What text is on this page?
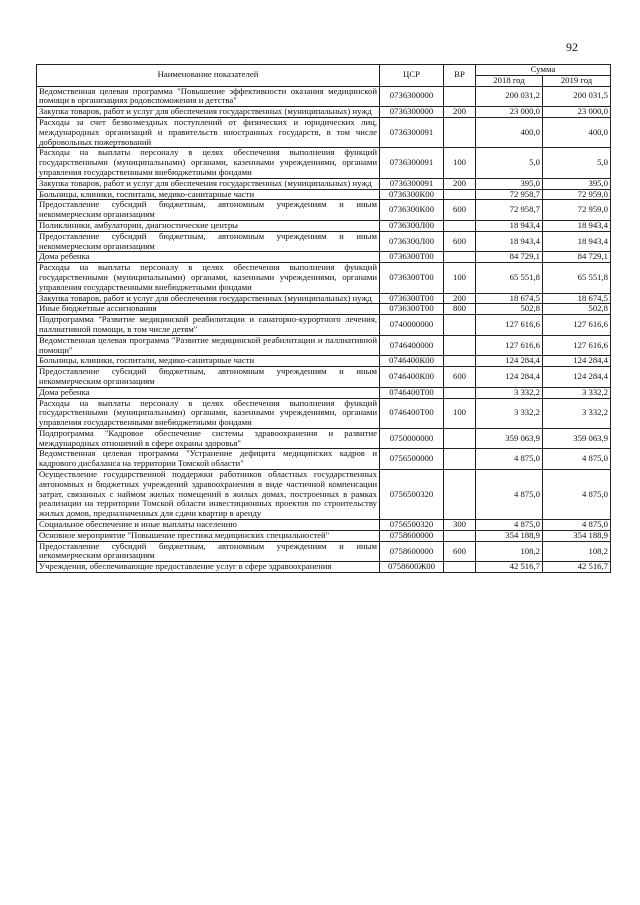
92
Наименование показателей	ЦСР	ВР	Сумма	
			2018 год	2019 год
Ведомственная целевая программа "Повышение эффективности оказания медицинской помощи в организациях родовспоможения и детства"	0736300000		200 031,2	200 031,5
Закупка товаров, работ и услуг для обеспечения государственных (муниципальных) нужд	0736300000	200	23 000,0	23 000,0
Расходы за счет безвозмездных поступлений от физических и юридических лиц, международных организаций и правительств иностранных государств, в том числе добровольных пожертвований	0736300091		400,0	400,0
Расходы на выплаты персоналу в целях обеспечения выполнения функций государственными (муниципальными) органами, казенными учреждениями, органами управления государственными внебюджетными фондами	0736300091	100	5,0	5,0
Закупка товаров, работ и услуг для обеспечения государственных (муниципальных) нужд	0736300091	200	395,0	395,0
Больницы, клиники, госпитали, медико-санитарные части	0736300К00		72 958,7	72 959,0
Предоставление субсидий бюджетным, автономным учреждениям и иным некоммерческим организациям	0736300К00	600	72 958,7	72 959,0
Поликлиники, амбулатории, диагностические центры	0736300Л00		18 943,4	18 943,4
Предоставление субсидий бюджетным, автономным учреждениям и иным некоммерческим организациям	0736300Л00	600	18 943,4	18 943,4
Дома ребенка	0736300Т00		84 729,1	84 729,1
Расходы на выплаты персоналу в целях обеспечения выполнения функций государственными (муниципальными) органами, казенными учреждениями, органами управления государственными внебюджетными фондами	0736300Т00	100	65 551,8	65 551,8
Закупка товаров, работ и услуг для обеспечения государственных (муниципальных) нужд	0736300Т00	200	18 674,5	18 674,5
Иные бюджетные ассигнования	0736300Т00	800	502,8	502,8
Подпрограмма "Развитие медицинской реабилитации и санаторно-курортного лечения, паллиативной помощи, в том числе детям"	0740000000		127 616,6	127 616,6
Ведомственная целевая программа "Развитие медицинской реабилитации и паллиативной помощи"	0746400000		127 616,6	127 616,6
Больницы, клиники, госпитали, медико-санитарные части	0746400К00		124 284,4	124 284,4
Предоставление субсидий бюджетным, автономным учреждениям и иным некоммерческим организациям	0746400К00	600	124 284,4	124 284,4
Дома ребенка	0746400Т00		3 332,2	3 332,2
Расходы на выплаты персоналу в целях обеспечения выполнения функций государственными (муниципальными) органами, казенными учреждениями, органами управления государственными внебюджетными фондами	0746400Т00	100	3 332,2	3 332,2
Подпрограмма "Кадровое обеспечение системы здравоохранения и развитие международных отношений в сфере охраны здоровья"	0750000000		359 063,9	359 063,9
Ведомственная целевая программа "Устранение дефицита медицинских кадров и кадрового дисбаланса на территории Томской области"	0756500000		4 875,0	4 875,0
Осуществление государственной поддержки работников областных государственных автономных и бюджетных учреждений здравоохранения в виде частичной компенсации затрат, связанных с наймом жилых помещений в жилых домах, построенных в рамках реализации на территории Томской области инвестиционных проектов по строительству жилых домов, предназначенных для сдачи квартир в аренду	0756500320		4 875,0	4 875,0
Социальное обеспечение и иные выплаты населению	0756500320	300	4 875,0	4 875,0
Основное мероприятие "Повышение престижа медицинских специальностей"	0758600000		354 188,9	354 188,9
Предоставление субсидий бюджетным, автономным учреждениям и иным некоммерческим организациям	0758600000	600	108,2	108,2
Учреждения, обеспечивающие предоставление услуг в сфере здравоохранения	0758600Ж00		42 516,7	42 516,7
